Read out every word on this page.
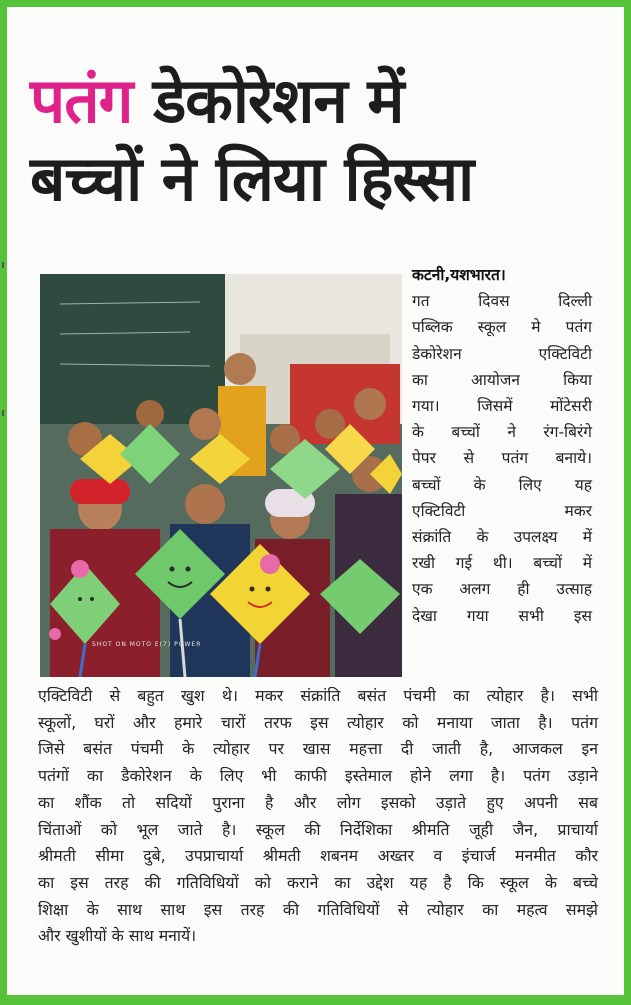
पतंग डेकोरेशन में
बच्चों ने लिया हिस्सा
SHOT ON MOTO E(7) POWER
कटनी,यशभारत।
गत दिवस दिल्ली
पब्लिक स्कूल मे पतंग
डेकोरेशन एक्टिविटी
का आयोजन किया
गया। जिसमें मोंटेसरी
के बच्चों ने रंग-बिरंगे
पेपर से पतंग बनाये।
बच्चों के लिए यह
एक्टिविटी मकर
संक्रांति के उपलक्ष्य में
रखी गई थी। बच्चों में
एक अलग ही उत्साह
देखा गया सभी इस
एक्टिविटी से बहुत खुश थे। मकर संक्रांति बसंत पंचमी का त्योहार है। सभी
स्कूलों, घरों और हमारे चारों तरफ इस त्योहार को मनाया जाता है। पतंग
जिसे बसंत पंचमी के त्योहार पर खास महत्ता दी जाती है, आजकल इन
पतंगों का डैकोरेशन के लिए भी काफी इस्तेमाल होने लगा है। पतंग उड़ाने
का शौंक तो सदियों पुराना है और लोग इसको उड़ाते हुए अपनी सब
चिंताओं को भूल जाते है। स्कूल की निर्देशिका श्रीमति जूही जैन, प्राचार्या
श्रीमती सीमा दुबे, उपप्राचार्या श्रीमती शबनम अख्तर व इंचार्ज मनमीत कौर
का इस तरह की गतिविधियों को कराने का उद्देश यह है कि स्कूल के बच्चे
शिक्षा के साथ साथ इस तरह की गतिविधियों से त्योहार का महत्व समझे
और खुशीयों के साथ मनायें।
